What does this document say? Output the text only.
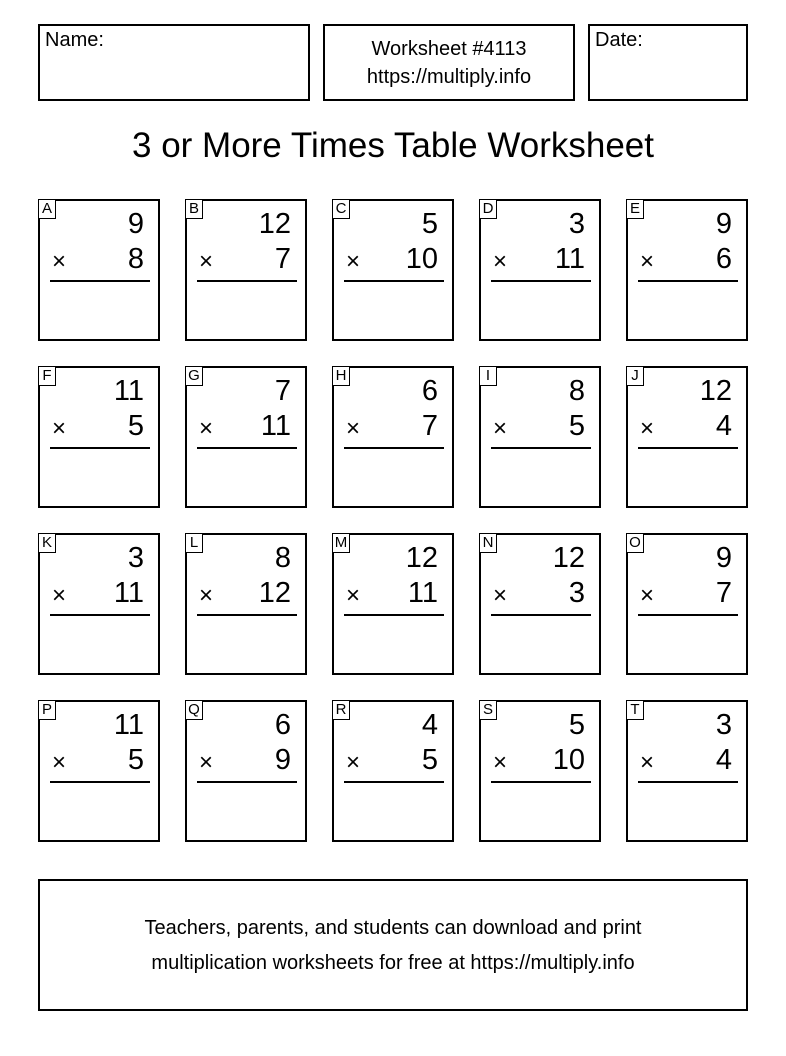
Name:	Worksheet #4113
https://multiply.info
Date:
3 or More Times Table Worksheet
A	9
× 8
B 12
× 7
C	5
× 10
D	3
× 11
E	9
× 6
F 11
× 5
G	7
× 11
H	6
× 7
I	8
× 5
J 12
× 4
K	3
× 11
L	8
× 12
M 12
× 11
N 12
× 3
O	9
× 7
P 11
× 5
Q	6
× 9
R	4
× 5
S	5
× 10
T	3
× 4
Teachers, parents, and students can download and print
multiplication worksheets for free at https://multiply.info
